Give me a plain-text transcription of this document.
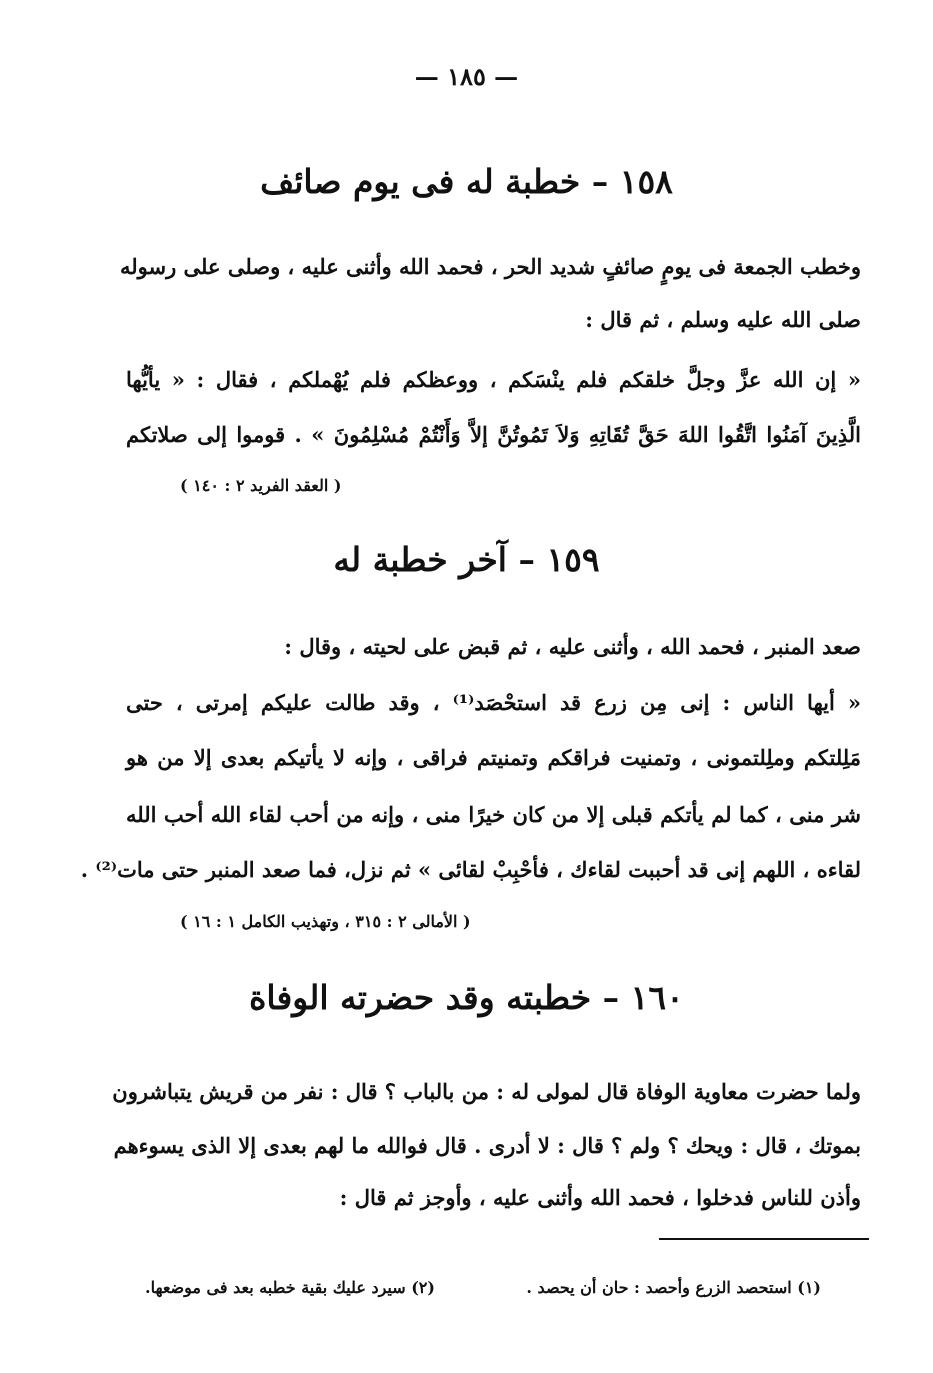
— ١٨٥ —
١٥٨ – خطبة له فى يوم صائف
وخطب الجمعة فى يومٍ صائفٍ شديد الحر ، فحمد الله وأثنى عليه ، وصلى على رسوله
صلى الله عليه وسلم ، ثم قال :
« إن الله عزَّ وجلَّ خلقكم فلم ينْسَكم ، ووعظكم فلم يُهْملكم ، فقال : « يأيُّها
الَّذِينَ آمَنُوا اتَّقُوا اللهَ حَقَّ تُقَاتِهِ وَلاَ تَمُوتُنَّ إلاَّ وَأَنْتُمْ مُسْلِمُونَ » . قوموا إلى صلاتكم
( العقد الفريد ٢ : ١٤٠ )
١٥٩ – آخر خطبة له
صعد المنبر ، فحمد الله ، وأثنى عليه ، ثم قبض على لحيته ، وقال :
« أيها الناس : إنى مِن زرع قد استحْصَد⁽¹⁾ ، وقد طالت عليكم إمرتى ، حتى
مَلِلتكم وملِلتمونى ، وتمنيت فراقكم وتمنيتم فراقى ، وإنه لا يأتيكم بعدى إلا من هو
شر منى ، كما لم يأتكم قبلى إلا من كان خيرًا منى ، وإنه من أحب لقاء الله أحب الله
لقاءه ، اللهم إنى قد أحببت لقاءك ، فأحْبِبْ لقائى » ثم نزل، فما صعد المنبر حتى مات⁽²⁾ .
( الأمالى ٢ : ٣١٥ ، وتهذيب الكامل ١ : ١٦ )
١٦٠ – خطبته وقد حضرته الوفاة
ولما حضرت معاوية الوفاة قال لمولى له : من بالباب ؟ قال : نفر من قريش يتباشرون
بموتك ، قال : ويحك ؟ ولم ؟ قال : لا أدرى . قال فوالله ما لهم بعدى إلا الذى يسوءهم
وأذن للناس فدخلوا ، فحمد الله وأثنى عليه ، وأوجز ثم قال :
(١) استحصد الزرع وأحصد : حان أن يحصد .
(٢) سيرد عليك بقية خطبه بعد فى موضعها.
